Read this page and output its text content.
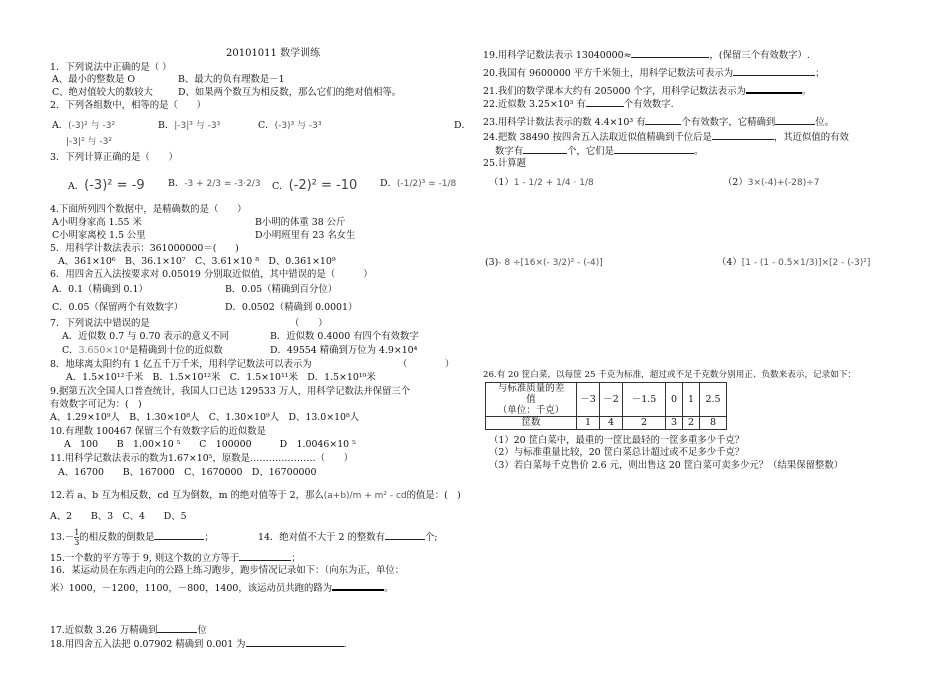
20101011 数学训练
1．下列说法中正确的是（ ）
A、最小的整数是 O	B、最大的负有理数是－1
C、绝对值较大的数较大	D、如果两个数互为相反数，那么它们的绝对值相等。
2．下列各组数中，相等的是（　　）
A．(-3)² 与 -3²	B．|-3|³ 与 -3³	C．(-3)³ 与 -3³	D．
|-3|² 与 -3²
3．下列计算正确的是（　　）
A．(-3)² = -9 B．-3 + 2/3 = -3·2/3 C．(-2)² = -10 D．(-1/2)³ = -1/8
4.下面所列四个数据中，是精确数的是（　　）
A小明身家高 1.55 米	B小明的体重 38 公斤
C小明家离校 1.5 公里	D小明班里有 23 名女生
5．用科学计数法表示：361000000＝(　　)
A、361×10⁶　B、36.1×10⁷　C、3.61×10 ⁸　D、0.361×10⁹
6．用四舍五入法按要求对 0.05019 分别取近似值，其中错误的是（　　　）
A．0.1（精确到 0.1）	B．0.05（精确到百分位）
C．0.05（保留两个有效数字）	D．0.0502（精确到 0.0001）
7．下列说法中错误的是	（　　）
A．近似数 0.7 与 0.70 表示的意义不同	B．近似数 0.4000 有四个有效数字
C．3.650×10⁴是精确到十位的近似数	D．49554 精确到万位为 4.9×10⁴
8．地球离太阳约有 1 亿五千万千米，用科学记数法可以表示为	（　　　　）
A．1.5×10¹²千米　B．1.5×10¹²米　C．1.5×10¹¹米　D．1.5×10¹⁰米
9.据第五次全国人口普查统计，我国人口已达 129533 万人，用科学记数法并保留三个
有效数字可记为：(　)
A、1.29×10⁹人　B、1.30×10⁸人　C、1.30×10⁹人　D、13.0×10⁸人
10.有理数 100467 保留三个有效数字后的近似数是
A　100　　B　1.00×10 ⁵　　C　100000　　　D　1.0046×10 ⁵
11.用科学记数法表示的数为1.67×10⁵，原数是…………………（　　）
A、16700　　B、167000　C、1670000　D、16700000
12.若 a、b 互为相反数，cd 互为倒数，m 的绝对值等于 2，那么(a+b)/m + m² - cd的值是：(　)
A、2　　B、3　C、4　　D、5
$13.- \frac{1}{3}$ 的相反数的倒数是	；	14．绝对值不大于 2 的整数有	个;
15.一个数的平方等于 9, 则这个数的立方等于	；
16．某运动员在东西走向的公路上练习跑步，跑步情况记录如下：（向东为正，单位：
米）1000，－1200，1100，－800，1400，该运动员共跑的路为	。
17.近似数 3.26 万精确到	位
18.用四舍五入法把 0.07902 精确到 0.001 为	.
19.用科学记数法表示 13040000≈	，(保留三个有效数字）.
20.我国有 9600000 平方千米领土，用科学记数法可表示为	；
21.我们的数学课本大约有 205000 个字，用科学记数法表示为	。
22.近似数 3.25×10³ 有	个有效数字.
23.用科学计数法表示的数 4.4×10³ 有	个有效数字，它精确到	位。
24.把数 38490 按四舍五入法取近似值精确到千位后是	，其近似值的有效
数字有	个，它们是	。
25.计算题
（1）1 - 1/2 + 1/4 · 1/8	（2）3×(-4)+(-28)÷7
(3)- 8 ÷[16×(- 3/2)² - (-4)]	（4）[1 - (1 - 0.5×1/3)]×[2 - (-3)²]
26.有 20 筐白菜，以每筐 25 千克为标准，超过或不足千克数分别用正、负数来表示，记录如下：
与标准质量的差
值
（单位：千克）	－3	－2	－1.5	0	1	2.5
筐数	1	4	2	3	2	8
（1）20 筐白菜中，最重的一筐比最轻的一筐多重多少千克？
（2）与标准重量比较，20 筐白菜总计超过或不足多少千克？
（3）若白菜每千克售价 2.6 元，则出售这 20 筐白菜可卖多少元？（结果保留整数）
